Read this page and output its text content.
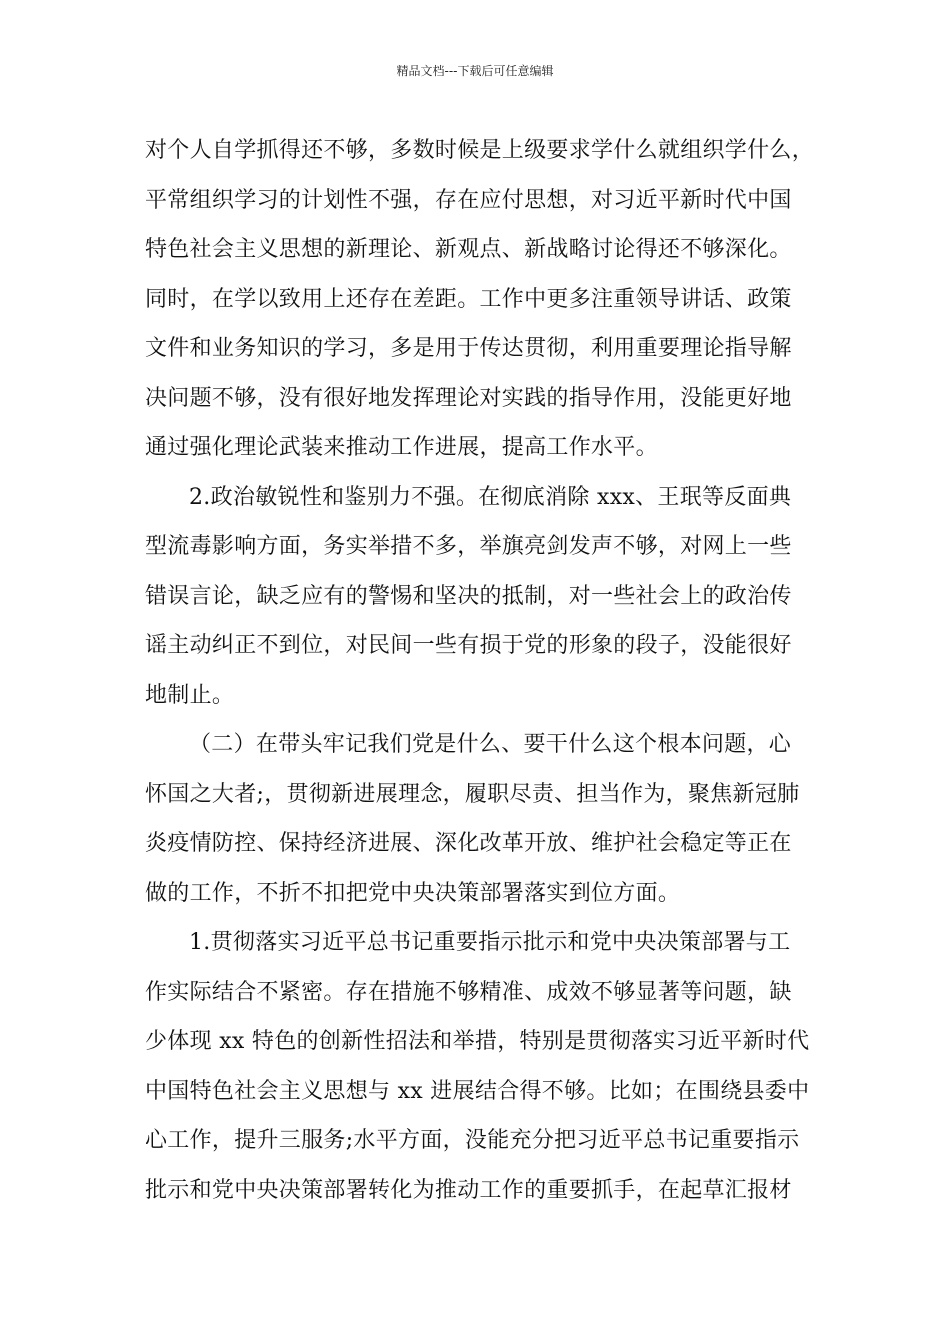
精品文档---下载后可任意编辑
对个人自学抓得还不够，多数时候是上级要求学什么就组织学什么，
平常组织学习的计划性不强，存在应付思想，对习近平新时代中国
特色社会主义思想的新理论、新观点、新战略讨论得还不够深化。
同时，在学以致用上还存在差距。工作中更多注重领导讲话、政策
文件和业务知识的学习，多是用于传达贯彻，利用重要理论指导解
决问题不够，没有很好地发挥理论对实践的指导作用，没能更好地
通过强化理论武装来推动工作进展，提高工作水平。
2.政治敏锐性和鉴别力不强。在彻底消除 xxx、王珉等反面典
型流毒影响方面，务实举措不多，举旗亮剑发声不够，对网上一些
错误言论，缺乏应有的警惕和坚决的抵制，对一些社会上的政治传
谣主动纠正不到位，对民间一些有损于党的形象的段子，没能很好
地制止。
（二）在带头牢记我们党是什么、要干什么这个根本问题，心
怀国之大者;，贯彻新进展理念，履职尽责、担当作为，聚焦新冠肺
炎疫情防控、保持经济进展、深化改革开放、维护社会稳定等正在
做的工作，不折不扣把党中央决策部署落实到位方面。
1.贯彻落实习近平总书记重要指示批示和党中央决策部署与工
作实际结合不紧密。存在措施不够精准、成效不够显著等问题，缺
少体现 xx 特色的创新性招法和举措，特别是贯彻落实习近平新时代
中国特色社会主义思想与 xx 进展结合得不够。比如；在围绕县委中
心工作，提升三服务;水平方面，没能充分把习近平总书记重要指示
批示和党中央决策部署转化为推动工作的重要抓手，在起草汇报材
